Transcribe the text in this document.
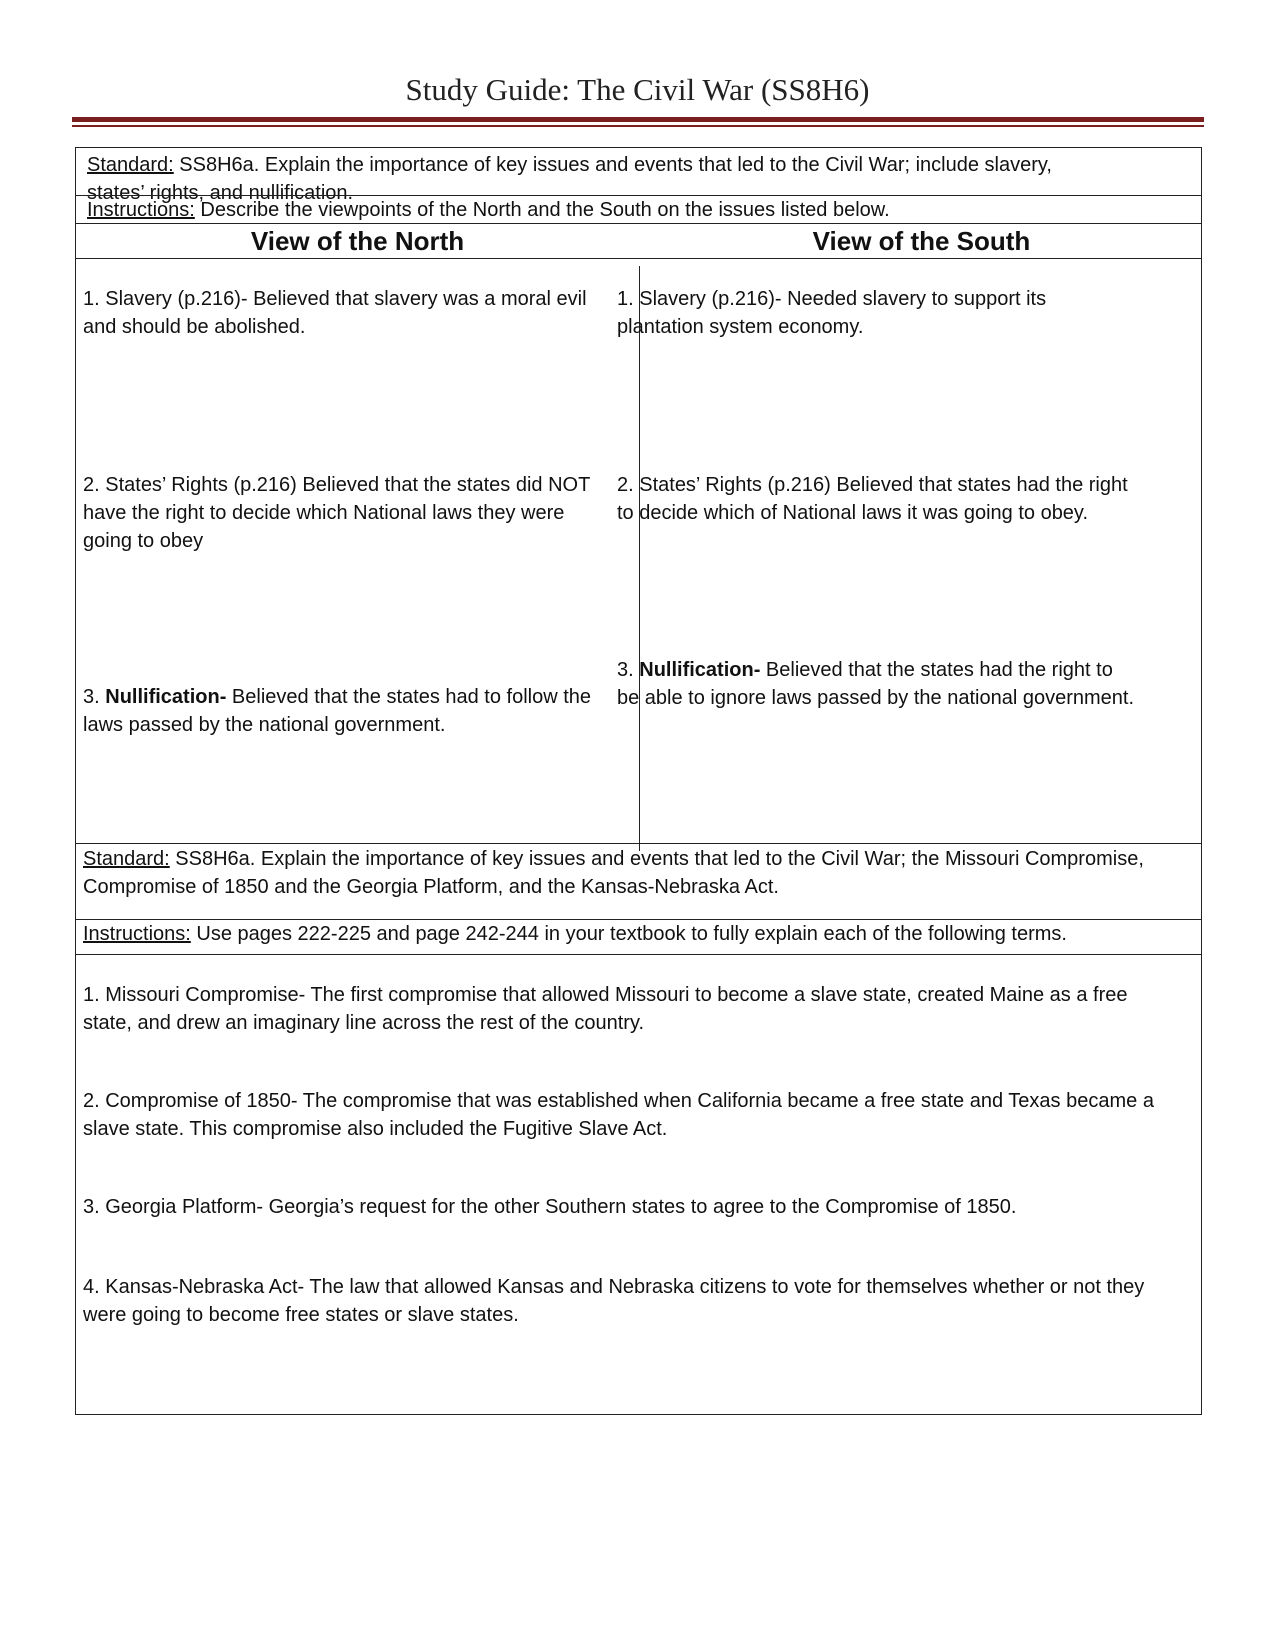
Study Guide: The Civil War (SS8H6)
Standard: SS8H6a. Explain the importance of key issues and events that led to the Civil War; include slavery, states’ rights, and nullification.
Instructions: Describe the viewpoints of the North and the South on the issues listed below.
View of the North	View of the South
1. Slavery (p.216)- Believed that slavery was a moral evil and should be abolished.
2. States’ Rights (p.216) Believed that the states did NOT have the right to decide which National laws they were going to obey
3. Nullification- Believed that the states had to follow the laws passed by the national government.
1. Slavery (p.216)- Needed slavery to support its plantation system economy.
2. States’ Rights (p.216) Believed that states had the right to decide which of National laws it was going to obey.
3. Nullification- Believed that the states had the right to be able to ignore laws passed by the national government.
Standard: SS8H6a. Explain the importance of key issues and events that led to the Civil War; the Missouri Compromise, Compromise of 1850 and the Georgia Platform, and the Kansas-Nebraska Act.
Instructions: Use pages 222-225 and page 242-244 in your textbook to fully explain each of the following terms.
1. Missouri Compromise- The first compromise that allowed Missouri to become a slave state, created Maine as a free state, and drew an imaginary line across the rest of the country.
2. Compromise of 1850- The compromise that was established when California became a free state and Texas became a slave state. This compromise also included the Fugitive Slave Act.
3. Georgia Platform- Georgia’s request for the other Southern states to agree to the Compromise of 1850.
4. Kansas-Nebraska Act- The law that allowed Kansas and Nebraska citizens to vote for themselves whether or not they were going to become free states or slave states.
